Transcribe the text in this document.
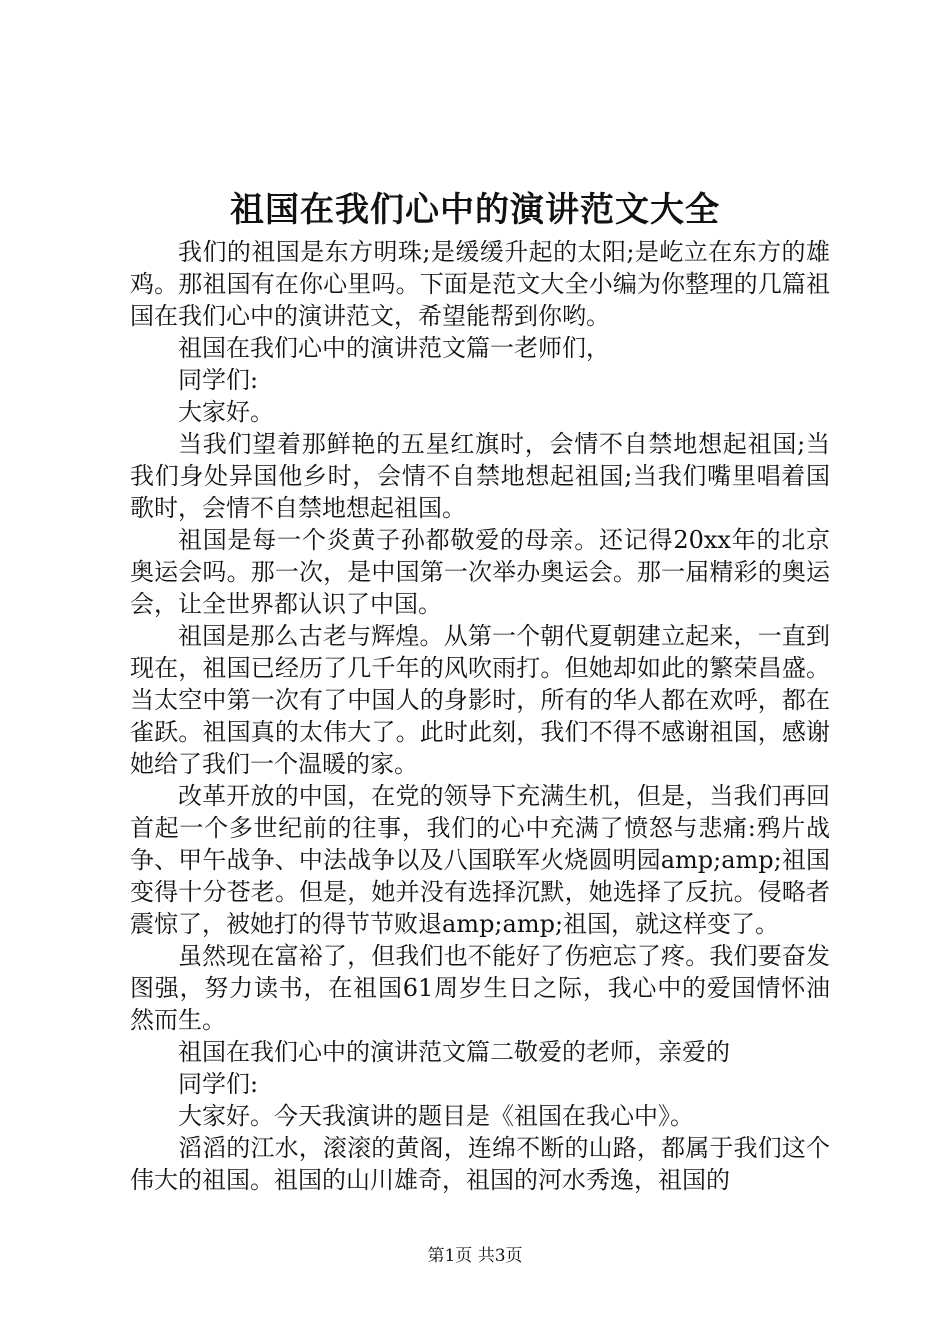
祖国在我们心中的演讲范文大全

我们的祖国是东方明珠;是缓缓升起的太阳;是屹立在东方的雄鸡。那祖国有在你心里吗。下面是范文大全小编为你整理的几篇祖国在我们心中的演讲范文，希望能帮到你哟。

祖国在我们心中的演讲范文篇一老师们，

同学们:

大家好。

当我们望着那鲜艳的五星红旗时，会情不自禁地想起祖国;当我们身处异国他乡时，会情不自禁地想起祖国;当我们嘴里唱着国歌时，会情不自禁地想起祖国。

祖国是每一个炎黄子孙都敬爱的母亲。还记得20xx年的北京奥运会吗。那一次，是中国第一次举办奥运会。那一届精彩的奥运会，让全世界都认识了中国。

祖国是那么古老与辉煌。从第一个朝代夏朝建立起来，一直到现在，祖国已经历了几千年的风吹雨打。但她却如此的繁荣昌盛。当太空中第一次有了中国人的身影时，所有的华人都在欢呼，都在雀跃。祖国真的太伟大了。此时此刻，我们不得不感谢祖国，感谢她给了我们一个温暖的家。

改革开放的中国，在党的领导下充满生机，但是，当我们再回首起一个多世纪前的往事，我们的心中充满了愤怒与悲痛:鸦片战争、甲午战争、中法战争以及八国联军火烧圆明园amp;amp;祖国变得十分苍老。但是，她并没有选择沉默，她选择了反抗。侵略者震惊了，被她打的得节节败退amp;amp;祖国，就这样变了。

虽然现在富裕了，但我们也不能好了伤疤忘了疼。我们要奋发图强，努力读书，在祖国61周岁生日之际，我心中的爱国情怀油然而生。

祖国在我们心中的演讲范文篇二敬爱的老师，亲爱的

同学们:

大家好。今天我演讲的题目是《祖国在我心中》。

滔滔的江水，滚滚的黄阁，连绵不断的山路，都属于我们这个伟大的祖国。祖国的山川雄奇，祖国的河水秀逸，祖国的

第1页 共3页
